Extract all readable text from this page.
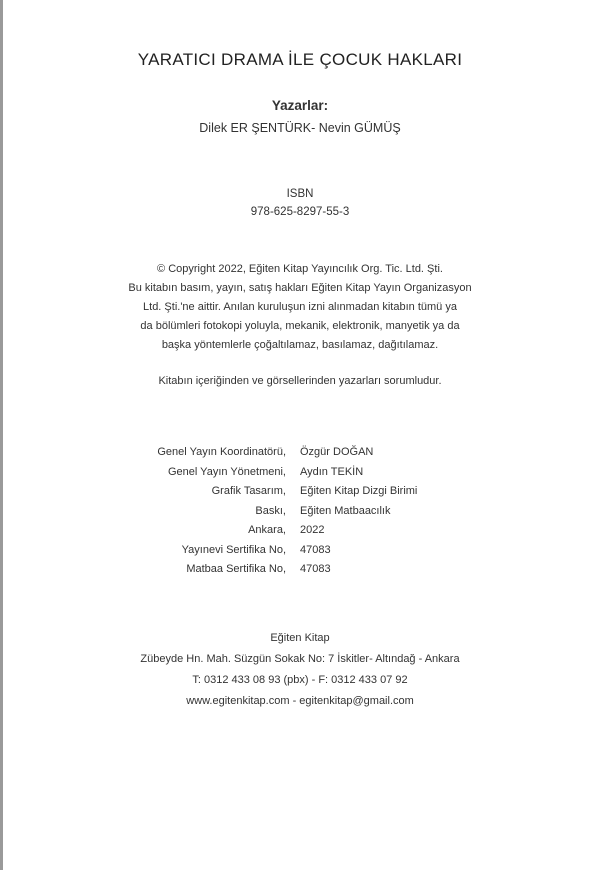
YARATICI DRAMA İLE ÇOCUK HAKLARI
Yazarlar:
Dilek ER ŞENTÜRK- Nevin GÜMÜŞ
ISBN
978-625-8297-55-3
© Copyright 2022, Eğiten Kitap Yayıncılık Org. Tic. Ltd. Şti.
Bu kitabın basım, yayın, satış hakları Eğiten Kitap Yayın Organizasyon
Ltd. Şti.'ne aittir. Anılan kuruluşun izni alınmadan kitabın tümü ya
da bölümleri fotokopi yoluyla, mekanik, elektronik, manyetik ya da
başka yöntemlerle çoğaltılamaz, basılamaz, dağıtılamaz.
Kitabın içeriğinden ve görsellerinden yazarları sorumludur.
Genel Yayın Koordinatörü, Özgür DOĞAN
Genel Yayın Yönetmeni, Aydın TEKİN
Grafik Tasarım, Eğiten Kitap Dizgi Birimi
Baskı, Eğiten Matbaacılık
Ankara, 2022
Yayınevi Sertifika No, 47083
Matbaa Sertifika No, 47083
Eğiten Kitap
Zübeyde Hn. Mah. Süzgün Sokak No: 7 İskitler- Altındağ - Ankara
T: 0312 433 08 93 (pbx) - F: 0312 433 07 92
www.egitenkitap.com - egitenkitap@gmail.com
